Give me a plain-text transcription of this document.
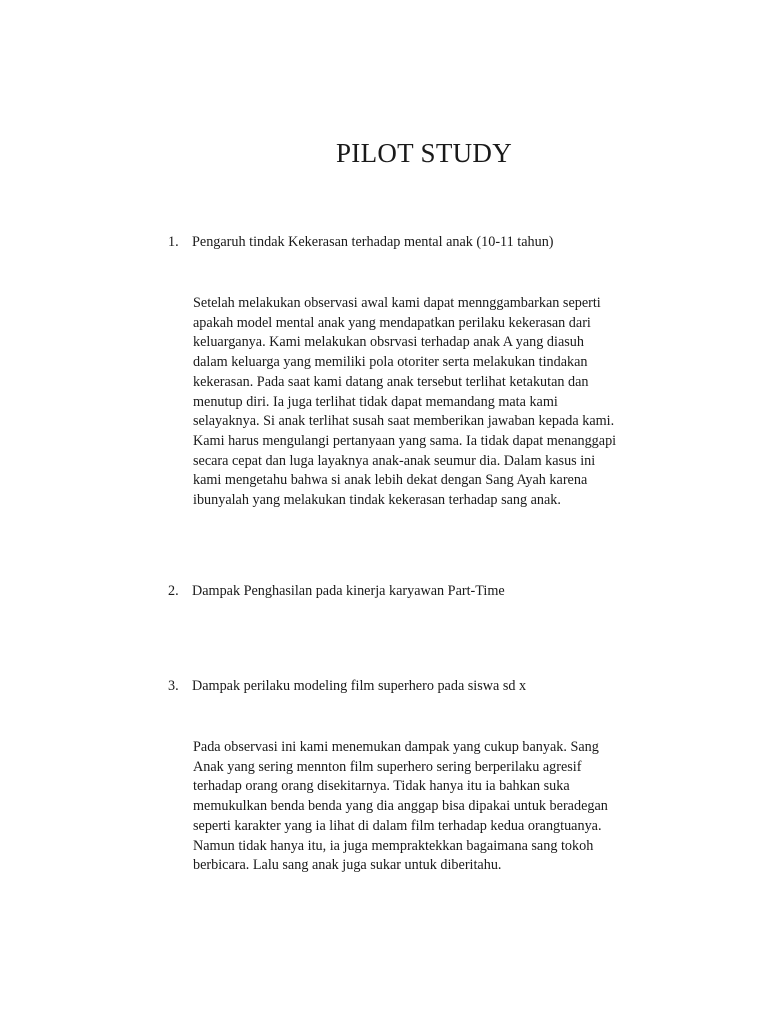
PILOT STUDY
1. Pengaruh tindak Kekerasan terhadap mental anak (10-11 tahun)
Setelah melakukan observasi awal kami dapat mennggambarkan seperti
apakah model mental anak yang mendapatkan perilaku kekerasan dari
keluarganya. Kami melakukan obsrvasi terhadap anak A yang diasuh
dalam keluarga yang memiliki pola otoriter serta melakukan tindakan
kekerasan. Pada saat kami datang anak tersebut terlihat ketakutan dan
menutup diri. Ia juga terlihat tidak dapat memandang mata kami
selayaknya. Si anak terlihat susah saat memberikan jawaban kepada kami.
Kami harus mengulangi pertanyaan yang sama. Ia tidak dapat menanggapi
secara cepat dan luga layaknya anak-anak seumur dia. Dalam kasus ini
kami mengetahu bahwa si anak lebih dekat dengan Sang Ayah karena
ibunyalah yang melakukan tindak kekerasan terhadap sang anak.
2. Dampak Penghasilan pada kinerja karyawan Part-Time
3. Dampak perilaku modeling film superhero pada siswa sd x
Pada observasi ini kami menemukan dampak yang cukup banyak. Sang
Anak yang sering mennton film superhero sering berperilaku agresif
terhadap orang orang disekitarnya. Tidak hanya itu ia bahkan suka
memukulkan benda benda yang dia anggap bisa dipakai untuk beradegan
seperti karakter yang ia lihat di dalam film terhadap kedua orangtuanya.
Namun tidak hanya itu, ia juga mempraktekkan bagaimana sang tokoh
berbicara. Lalu sang anak juga sukar untuk diberitahu.
